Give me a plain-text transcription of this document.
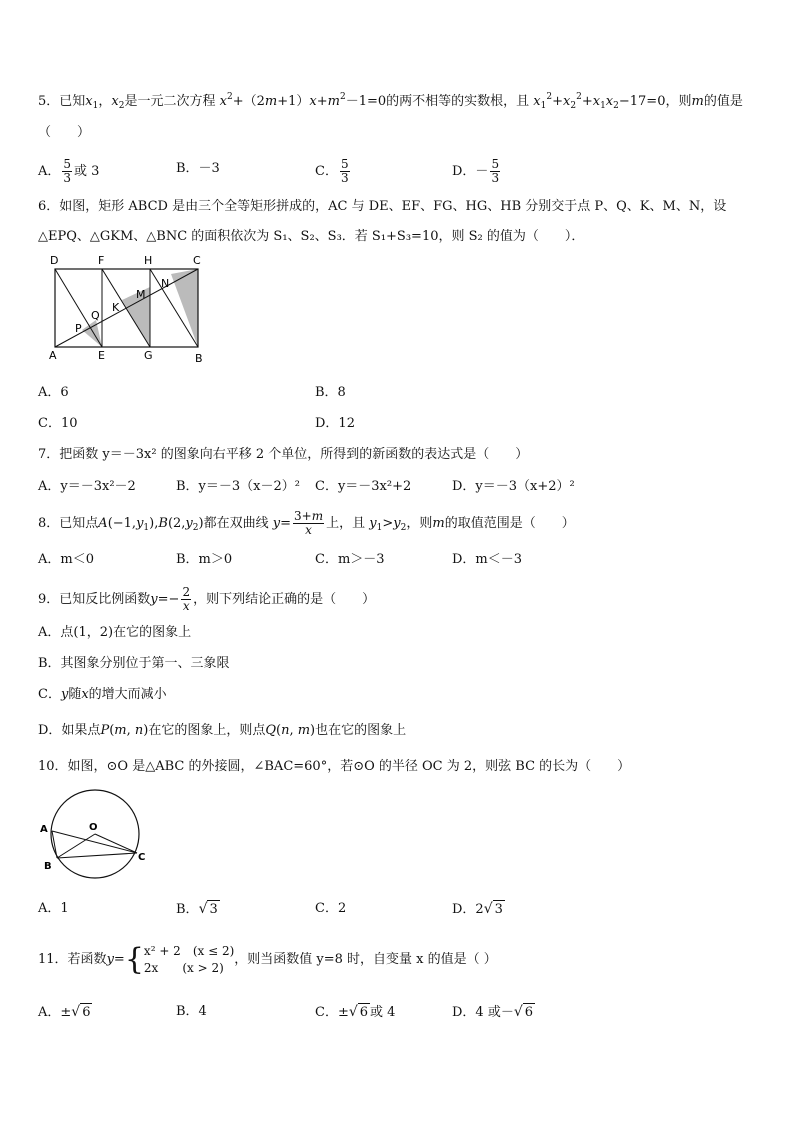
5．已知$x_1$，$x_2$是一元二次方程 $x^2+(2m+1)x+m^2-1=0$的两不相等的实数根，且 $x_1^2+x_2^2+x_1x_2-17=0$，则m的值是
（　　）
A． $\frac{5}{3}$ 或 3	B．－3	C． $\frac{5}{3}$	D．－ $\frac{5}{3}$
6．如图，矩形 ABCD 是由三个全等矩形拼成的，AC 与 DE、EF、FG、HG、HB 分别交于点 P、Q、K、M、N，设
△EPQ、△GKM、△BNC 的面积依次为 S₁、S₂、S₃．若 S₁+S₃=10，则 S₂ 的值为（　　）．
D	F	H	C
A	E	G	B
P
Q
K
M
N
A．6	B．8
C．10	D．12
7．把函数 y＝－3x² 的图象向右平移 2 个单位，所得到的新函数的表达式是（　　）
A．y＝－3x²－2	B．y＝－3（x－2）² C．y＝－3x²+2	D．y＝－3（x+2）²
8．已知点$A(-1,y_1),B(2,y_2)$都在双曲线 $y= \frac{3+m}{x}$ 上，且 $y_1>y_2$，则m的取值范围是（　　）
A．m＜0	B．m＞0	C．m＞－3	D．m＜－3
9．已知反比例函数$y=- \frac{2}{x}$ ，则下列结论正确的是（　　）
A．点(1，2)在它的图象上
B．其图象分别位于第一、三象限
C．y随x的增大而减小
D．如果点P(m, n)在它的图象上，则点Q(n, m)也在它的图象上
10．如图，⊙O 是△ABC 的外接圆，∠BAC=60°，若⊙O 的半径 OC 为 2，则弦 BC 的长为（　　）
A	O
B
C
A．1	B．√ 3	C．2	D．2√ 3
11．若函数y={ x² + 2　(x ≤ 2)
2x　　(x > 2)
，则当函数值 y=8 时，自变量 x 的值是（ ）
A．±√ 6	B．4	C．±√ 6 或 4	D．4 或－√ 6
